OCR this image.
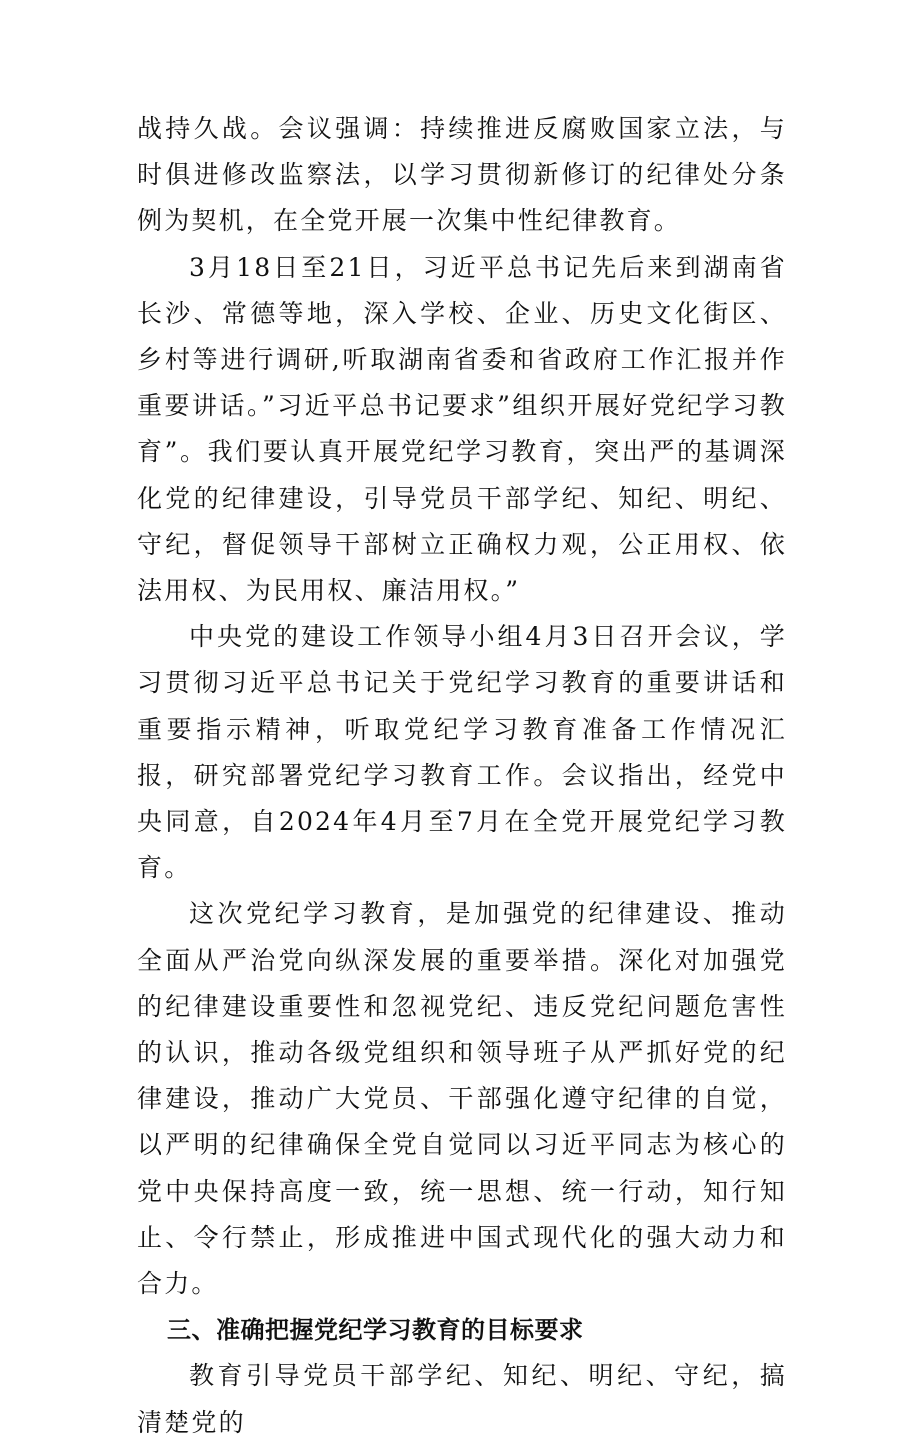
战持久战。会议强调：持续推进反腐败国家立法，与时俱进修改监察法，以学习贯彻新修订的纪律处分条例为契机，在全党开展一次集中性纪律教育。

3月18日至21日，习近平总书记先后来到湖南省长沙、常德等地，深入学校、企业、历史文化街区、乡村等进行调研,听取湖南省委和省政府工作汇报并作重要讲话。”习近平总书记要求”组织开展好党纪学习教育”。我们要认真开展党纪学习教育，突出严的基调深化党的纪律建设，引导党员干部学纪、知纪、明纪、守纪，督促领导干部树立正确权力观，公正用权、依法用权、为民用权、廉洁用权。”

中央党的建设工作领导小组4月3日召开会议，学习贯彻习近平总书记关于党纪学习教育的重要讲话和重要指示精神，听取党纪学习教育准备工作情况汇报，研究部署党纪学习教育工作。会议指出，经党中央同意，自2024年4月至7月在全党开展党纪学习教育。

这次党纪学习教育，是加强党的纪律建设、推动全面从严治党向纵深发展的重要举措。深化对加强党的纪律建设重要性和忽视党纪、违反党纪问题危害性的认识，推动各级党组织和领导班子从严抓好党的纪律建设，推动广大党员、干部强化遵守纪律的自觉，以严明的纪律确保全党自觉同以习近平同志为核心的党中央保持高度一致，统一思想、统一行动，知行知止、令行禁止，形成推进中国式现代化的强大动力和合力。

三、准确把握党纪学习教育的目标要求

教育引导党员干部学纪、知纪、明纪、守纪，搞清楚党的
